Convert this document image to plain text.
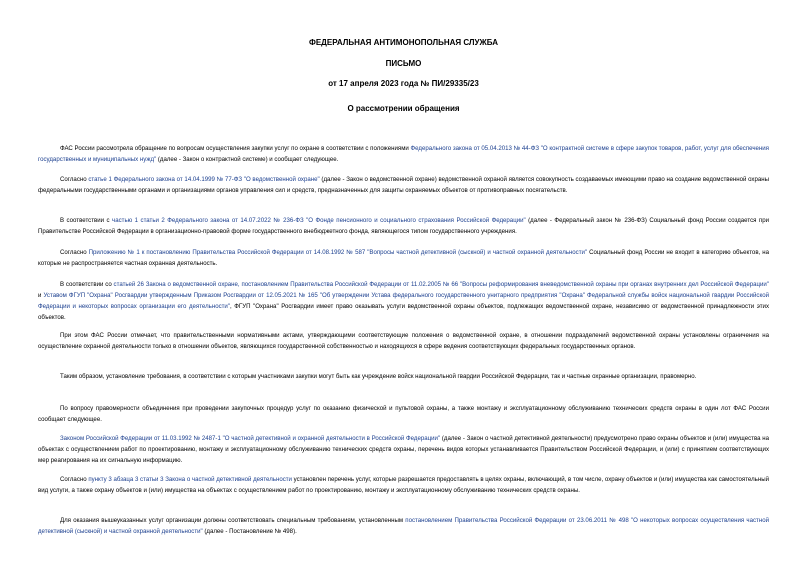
ФЕДЕРАЛЬНАЯ АНТИМОНОПОЛЬНАЯ СЛУЖБА
ПИСЬМО
от 17 апреля 2023 года № ПИ/29335/23
О рассмотрении обращения

ФАС России рассмотрела обращение по вопросам осуществления закупки услуг по охране в соответствии с положениями Федерального закона от 05.04.2013 № 44-ФЗ "О контрактной системе в сфере закупок товаров, работ, услуг для обеспечения государственных и муниципальных нужд" (далее - Закон о контрактной системе) и сообщает следующее.

Согласно статье 1 Федерального закона от 14.04.1999 № 77-ФЗ "О ведомственной охране" (далее - Закон о ведомственной охране) ведомственной охраной является совокупность создаваемых имеющими право на создание ведомственной охраны федеральными государственными органами и организациями органов управления сил и средств, предназначенных для защиты охраняемых объектов от противоправных посягательств.

В соответствии с частью 1 статьи 2 Федерального закона от 14.07.2022 № 236-ФЗ "О Фонде пенсионного и социального страхования Российской Федерации" (далее - Федеральный закон № 236-ФЗ) Социальный фонд России создается при Правительстве Российской Федерации в организационно-правовой форме государственного внебюджетного фонда, являющегося типом государственного учреждения.

Согласно Приложению № 1 к постановлению Правительства Российской Федерации от 14.08.1992 № 587 "Вопросы частной детективной (сыскной) и частной охранной деятельности" Социальный фонд России не входит в категорию объектов, на которые не распространяется частная охранная деятельность.

В соответствии со статьей 26 Закона о ведомственной охране, постановлением Правительства Российской Федерации от 11.02.2005 № 66 "Вопросы реформирования вневедомственной охраны при органах внутренних дел Российской Федерации" и Уставом ФГУП "Охрана" Росгвардии утвержденным Приказом Росгвардии от 12.05.2021 № 165 "Об утверждении Устава федерального государственного унитарного предприятия "Охрана" Федеральной службы войск национальной гвардии Российской Федерации и некоторых вопросах организации его деятельности", ФГУП "Охрана" Росгвардии имеет право оказывать услуги ведомственной охраны объектов, подлежащих ведомственной охране, независимо от ведомственной принадлежности этих объектов.

При этом ФАС России отмечает, что правительственными нормативными актами, утверждающими соответствующие положения о ведомственной охране, в отношении подразделений ведомственной охраны установлены ограничения на осуществление охранной деятельности только в отношении объектов, являющихся государственной собственностью и находящихся в сфере ведения соответствующих федеральных государственных органов.

Таким образом, установление требования, в соответствии с которым участниками закупки могут быть как учреждение войск национальной гвардии Российской Федерации, так и частные охранные организации, правомерно.

По вопросу правомерности объединения при проведении закупочных процедур услуг по оказанию физической и пультовой охраны, а также монтажу и эксплуатационному обслуживанию технических средств охраны в один лот ФАС России сообщает следующее.

Законом Российской Федерации от 11.03.1992 № 2487-1 "О частной детективной и охранной деятельности в Российской Федерации" (далее - Закон о частной детективной деятельности) предусмотрено право охраны объектов и (или) имущества на объектах с осуществлением работ по проектированию, монтажу и эксплуатационному обслуживанию технических средств охраны, перечень видов которых устанавливается Правительством Российской Федерации, и (или) с принятием соответствующих мер реагирования на их сигнальную информацию.

Согласно пункту 3 абзаца 3 статьи 3 Закона о частной детективной деятельности установлен перечень услуг, которые разрешается предоставлять в целях охраны, включающий, в том числе, охрану объектов и (или) имущества как самостоятельный вид услуги, а также охрану объектов и (или) имущества на объектах с осуществлением работ по проектированию, монтажу и эксплуатационному обслуживанию технических средств охраны.

Для оказания вышеуказанных услуг организации должны соответствовать специальным требованиям, установленным постановлением Правительства Российской Федерации от 23.06.2011 № 498 "О некоторых вопросах осуществления частной детективной (сыскной) и частной охранной деятельности" (далее - Постановление № 498).
